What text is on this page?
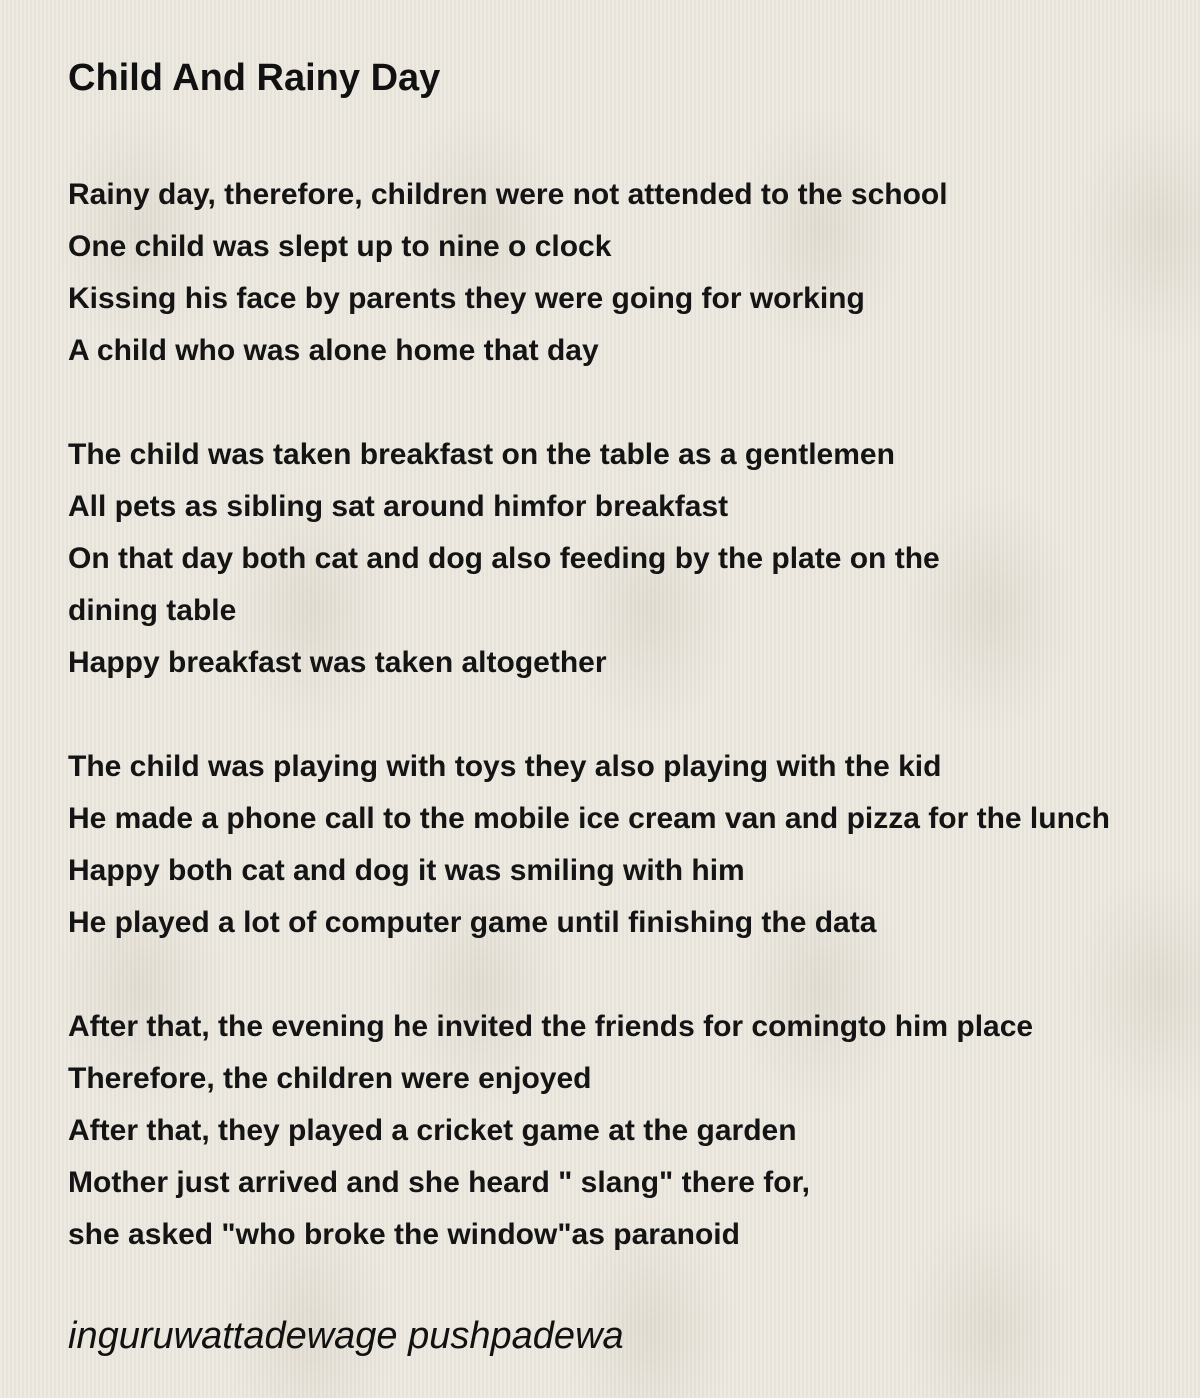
Child And Rainy Day
Rainy day, therefore, children were not attended to the school
One child was slept up to nine o clock
Kissing his face by parents they were going for working
A child who was alone home that day
The child was taken breakfast on the table as a gentlemen
All pets as sibling sat around himfor breakfast
On that day both cat and dog also feeding by the plate on the
dining table
Happy breakfast was taken altogether
The child was playing with toys they also playing with the kid
He made a phone call to the mobile ice cream van and pizza for the lunch
Happy both cat and dog it was smiling with him
He played a lot of computer game until finishing the data
After that, the evening he invited the friends for comingto him place
Therefore, the children were enjoyed
After that, they played a cricket game at the garden
Mother just arrived and she heard " slang" there for,
she asked "who broke the window"as paranoid
inguruwattadewage pushpadewa
